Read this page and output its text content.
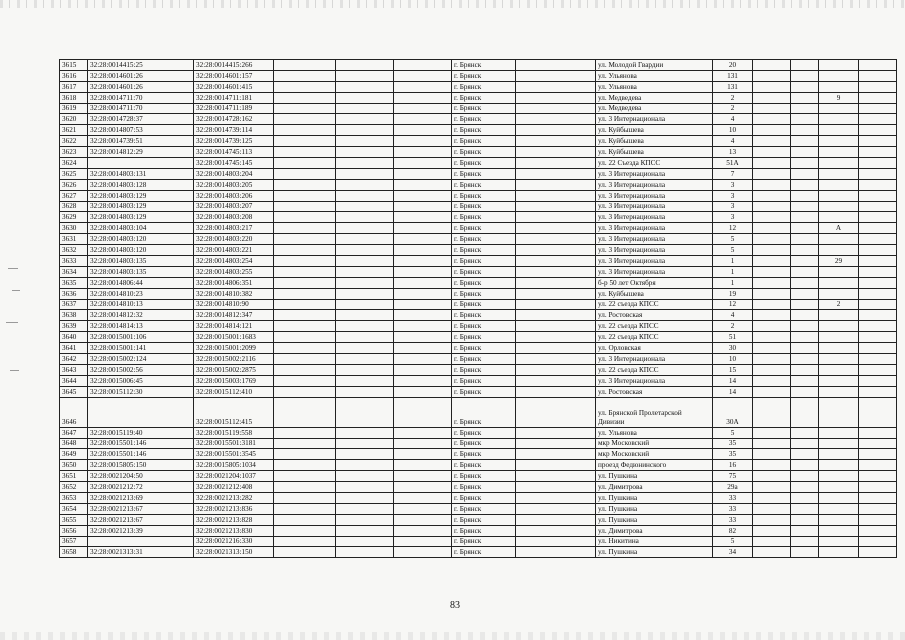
3615	32:28:0014415:25	32:28:0014415:266				г. Брянск		ул. Молодой Гвардии	20				
3616	32:28:0014601:26	32:28:0014601:157				г. Брянск		ул. Ульянова	131				
3617	32:28:0014601:26	32:28:0014601:415				г. Брянск		ул. Ульянова	131				
3618	32:28:0014711:70	32:28:0014711:181				г. Брянск		ул. Медведева	2			9	
3619	32:28:0014711:70	32:28:0014711:189				г. Брянск		ул. Медведева	2				
3620	32:28:0014728:37	32:28:0014728:162				г. Брянск		ул. 3 Интернационала	4				
3621	32:28:0014807:53	32:28:0014739:114				г. Брянск		ул. Куйбышева	10				
3622	32:28:0014739:51	32:28:0014739:125				г. Брянск		ул. Куйбышева	4				
3623	32:28:0014812:29	32:28:0014745:113				г. Брянск		ул. Куйбышева	13				
3624		32:28:0014745:145				г. Брянск		ул. 22 Съезда КПСС	51А				
3625	32:28:0014803:131	32:28:0014803:204				г. Брянск		ул. 3 Интернационала	7				
3626	32:28:0014803:128	32:28:0014803:205				г. Брянск		ул. 3 Интернационала	3				
3627	32:28:0014803:129	32:28:0014803:206				г. Брянск		ул. 3 Интернационала	3				
3628	32:28:0014803:129	32:28:0014803:207				г. Брянск		ул. 3 Интернационала	3				
3629	32:28:0014803:129	32:28:0014803:208				г. Брянск		ул. 3 Интернационала	3				
3630	32:28:0014803:104	32:28:0014803:217				г. Брянск		ул. 3 Интернационала	12			А	
3631	32:28:0014803:120	32:28:0014803:220				г. Брянск		ул. 3 Интернационала	5				
3632	32:28:0014803:120	32:28:0014803:221				г. Брянск		ул. 3 Интернационала	5				
3633	32:28:0014803:135	32:28:0014803:254				г. Брянск		ул. 3 Интернационала	1			29	
3634	32:28:0014803:135	32:28:0014803:255				г. Брянск		ул. 3 Интернационала	1				
3635	32:28:0014806:44	32:28:0014806:351				г. Брянск		б-р 50 лет Октября	1				
3636	32:28:0014810:23	32:28:0014810:382				г. Брянск		ул. Куйбышева	19				
3637	32:28:0014810:13	32:28:0014810:90				г. Брянск		ул. 22 съезда КПСС	12			2	
3638	32:28:0014812:32	32:28:0014812:347				г. Брянск		ул. Ростовская	4				
3639	32:28:0014814:13	32:28:0014814:121				г. Брянск		ул. 22 съезда КПСС	2				
3640	32:28:0015001:106	32:28:0015001:1683				г. Брянск		ул. 22 съезда КПСС	51				
3641	32:28:0015001:141	32:28:0015001:2099				г. Брянск		ул. Орловская	30				
3642	32:28:0015002:124	32:28:0015002:2116				г. Брянск		ул. 3 Интернационала	10				
3643	32:28:0015002:56	32:28:0015002:2875				г. Брянск		ул. 22 съезда КПСС	15				
3644	32:28:0015006:45	32:28:0015003:1769				г. Брянск		ул. 3 Интернационала	14				
3645	32:28:0015112:30	32:28:0015112:410				г. Брянск		ул. Ростовская	14				
3646		32:28:0015112:415				г. Брянск		ул. Брянской Пролетарской Дивизии	30А				
3647	32:28:0015119:40	32:28:0015119:558				г. Брянск		ул. Ульянова	5				
3648	32:28:0015501:146	32:28:0015501:3181				г. Брянск		мкр Московский	35				
3649	32:28:0015501:146	32:28:0015501:3545				г. Брянск		мкр Московский	35				
3650	32:28:0015805:150	32:28:0015805:1034				г. Брянск		проезд Федюнинского	16				
3651	32:28:0021204:50	32:28:0021204:1037				г. Брянск		ул. Пушкина	75				
3652	32:28:0021212:72	32:28:0021212:408				г. Брянск		ул. Димитрова	29а				
3653	32:28:0021213:69	32:28:0021213:282				г. Брянск		ул. Пушкина	33				
3654	32:28:0021213:67	32:28:0021213:836				г. Брянск		ул. Пушкина	33				
3655	32:28:0021213:67	32:28:0021213:828				г. Брянск		ул. Пушкина	33				
3656	32:28:0021213:39	32:28:0021213:830				г. Брянск		ул. Димитрова	82				
3657		32:28:0021216:330				г. Брянск		ул. Никитина	5				
3658	32:28:0021313:31	32:28:0021313:150				г. Брянск		ул. Пушкина	34				
83
